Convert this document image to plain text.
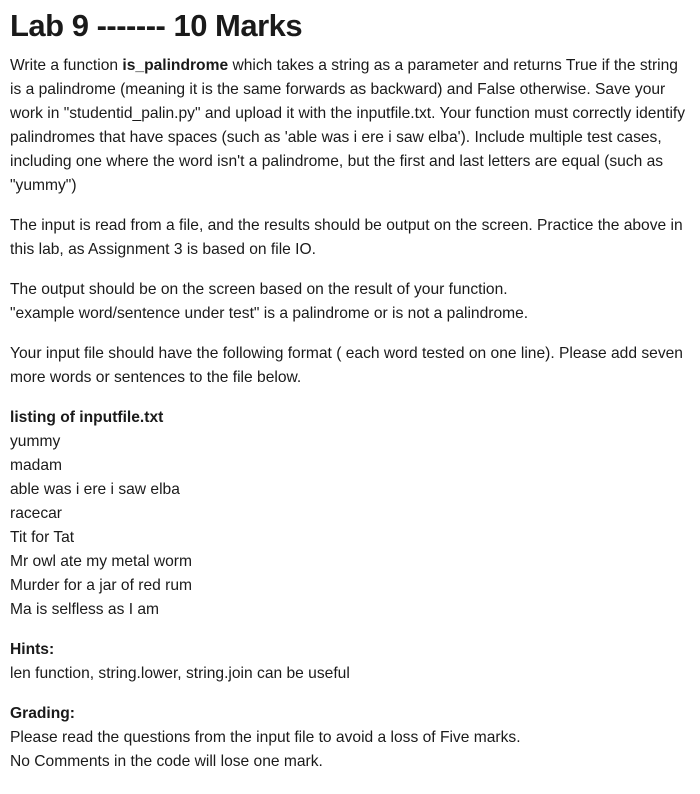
Lab 9 ------- 10 Marks

Write a function is_palindrome which takes a string as a parameter and returns True if the string is a palindrome (meaning it is the same forwards as backward) and False otherwise. Save your work in "studentid_palin.py" and upload it with the inputfile.txt. Your function must correctly identify palindromes that have spaces (such as 'able was i ere i saw elba'). Include multiple test cases, including one where the word isn't a palindrome, but the first and last letters are equal (such as "yummy")

The input is read from a file, and the results should be output on the screen. Practice the above in this lab, as Assignment 3 is based on file IO.

The output should be on the screen based on the result of your function.
"example word/sentence under test" is a palindrome or is not a palindrome.

Your input file should have the following format ( each word tested on one line). Please add seven more words or sentences to the file below.

listing of inputfile.txt
yummy
madam
able was i ere i saw elba
racecar
Tit for Tat
Mr owl ate my metal worm
Murder for a jar of red rum
Ma is selfless as I am
Hints:
len function, string.lower, string.join can be useful
Grading:
Please read the questions from the input file to avoid a loss of Five marks.
No Comments in the code will lose one mark.
